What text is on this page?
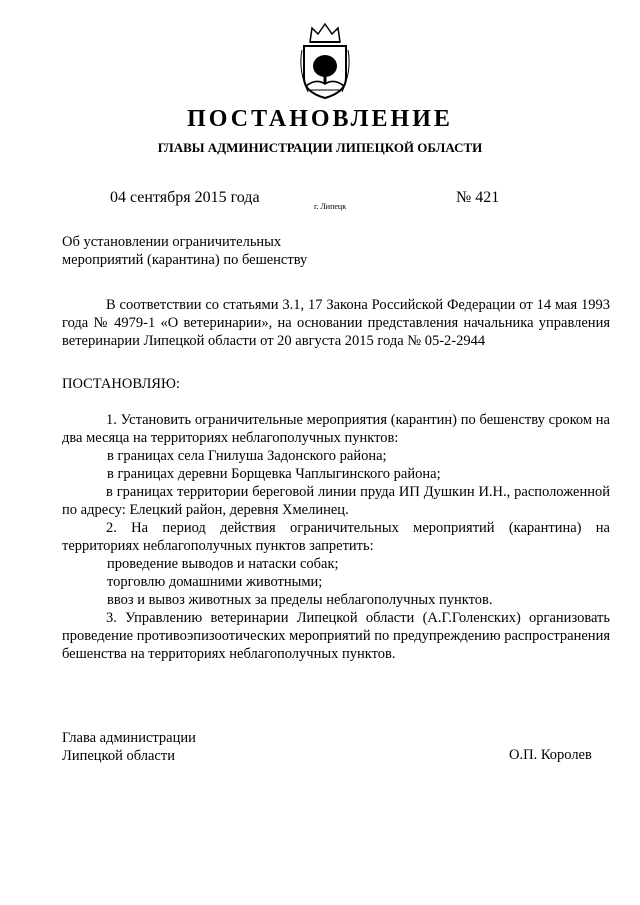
ПОСТАНОВЛЕНИЕ
ГЛАВЫ АДМИНИСТРАЦИИ ЛИПЕЦКОЙ ОБЛАСТИ
04 сентября 2015 года
г. Липецк
№ 421
Об установлении ограничительных
мероприятий (карантина) по бешенству
В соответствии со статьями 3.1, 17 Закона Российской Федерации от 14 мая 1993 года № 4979-1 «О ветеринарии», на основании представления начальника управления ветеринарии Липецкой области от 20 августа 2015 года № 05-2-2944
ПОСТАНОВЛЯЮ:
1. Установить ограничительные мероприятия (карантин) по бешенству сроком на два месяца на территориях неблагополучных пунктов:
в границах села Гнилуша Задонского района;
в границах деревни Борщевка Чаплыгинского района;
в границах территории береговой линии пруда ИП Душкин И.Н., расположенной по адресу: Елецкий район, деревня Хмелинец.
2. На период действия ограничительных мероприятий (карантина) на территориях неблагополучных пунктов запретить:
проведение выводов и натаски собак;
торговлю домашними животными;
ввоз и вывоз животных за пределы неблагополучных пунктов.
3. Управлению ветеринарии Липецкой области (А.Г.Голенских) организовать проведение противоэпизоотических мероприятий по предупреждению распространения бешенства на территориях неблагополучных пунктов.
Глава администрации
Липецкой области	О.П. Королев
